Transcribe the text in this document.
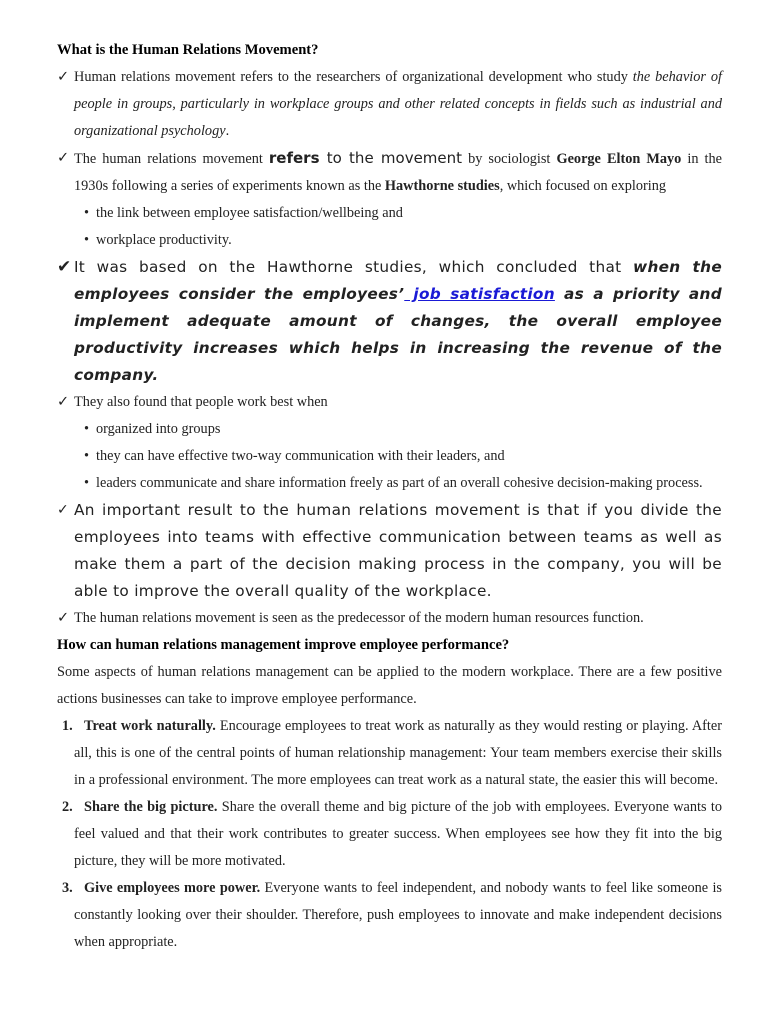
What is the Human Relations Movement?

✓ Human relations movement refers to the researchers of organizational development who study the behavior of people in groups, particularly in workplace groups and other related concepts in fields such as industrial and organizational psychology.
✓ The human relations movement refers to the movement by sociologist George Elton Mayo in the 1930s following a series of experiments known as the Hawthorne studies, which focused on exploring
• the link between employee satisfaction/wellbeing and
• workplace productivity.
✔ It was based on the Hawthorne studies, which concluded that when the employees consider the employees’ job satisfaction as a priority and implement adequate amount of changes, the overall employee productivity increases which helps in increasing the revenue of the company.
✓ They also found that people work best when
• organized into groups
• they can have effective two-way communication with their leaders, and
• leaders communicate and share information freely as part of an overall cohesive decision-making process.
✓ An important result to the human relations movement is that if you divide the employees into teams with effective communication between teams as well as make them a part of the decision making process in the company, you will be able to improve the overall quality of the workplace.
✓ The human relations movement is seen as the predecessor of the modern human resources function.

How can human relations management improve employee performance?

Some aspects of human relations management can be applied to the modern workplace. There are a few positive actions businesses can take to improve employee performance.

1. Treat work naturally. Encourage employees to treat work as naturally as they would resting or playing. After all, this is one of the central points of human relationship management: Your team members exercise their skills in a professional environment. The more employees can treat work as a natural state, the easier this will become.
2. Share the big picture. Share the overall theme and big picture of the job with employees. Everyone wants to feel valued and that their work contributes to greater success. When employees see how they fit into the big picture, they will be more motivated.
3. Give employees more power. Everyone wants to feel independent, and nobody wants to feel like someone is constantly looking over their shoulder. Therefore, push employees to innovate and make independent decisions when appropriate.
